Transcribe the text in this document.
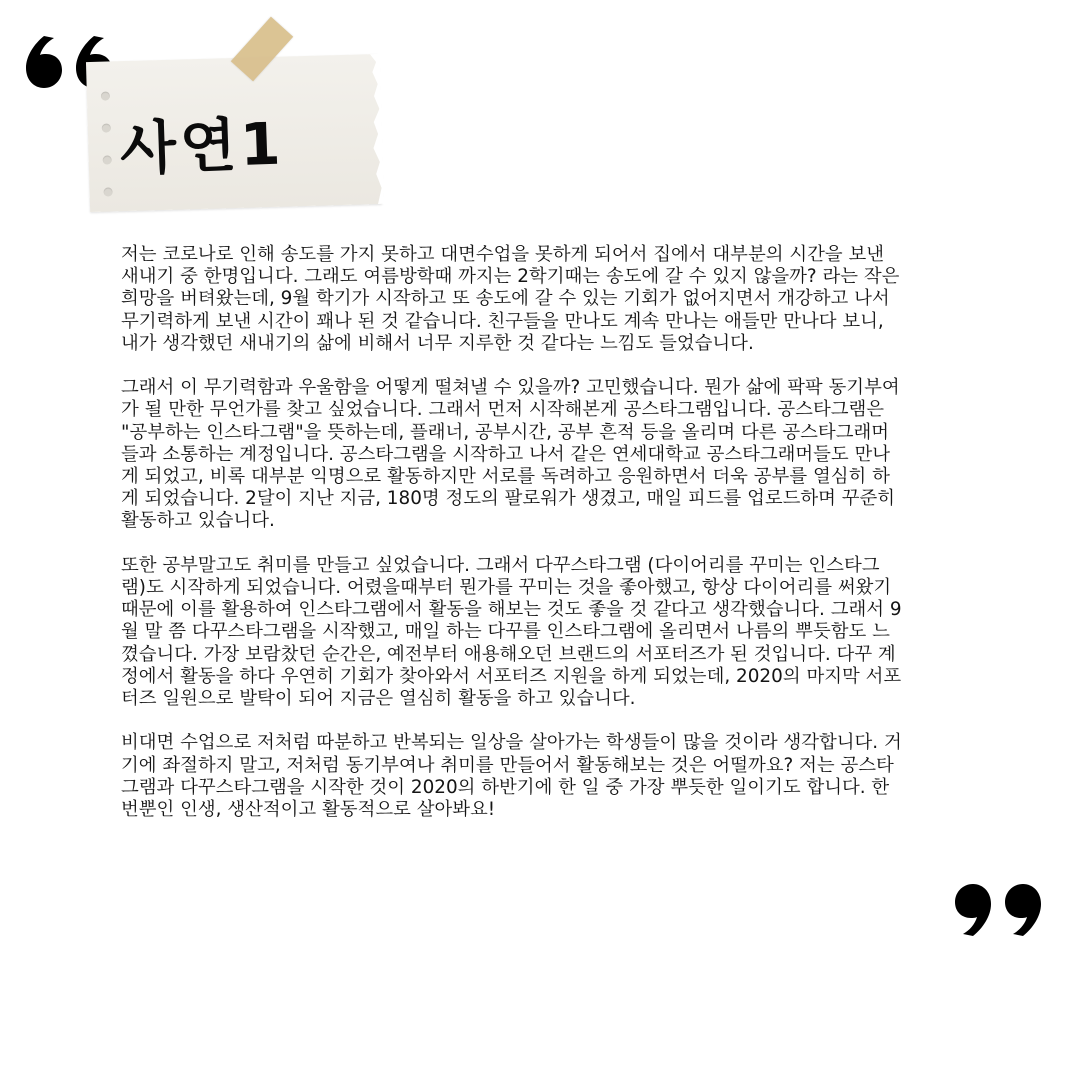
사연1
저는 코로나로 인해 송도를 가지 못하고 대면수업을 못하게 되어서 집에서 대부분의 시간을 보낸
새내기 중 한명입니다. 그래도 여름방학때 까지는 2학기때는 송도에 갈 수 있지 않을까? 라는 작은
희망을 버텨왔는데, 9월 학기가 시작하고 또 송도에 갈 수 있는 기회가 없어지면서 개강하고 나서
무기력하게 보낸 시간이 꽤나 된 것 같습니다. 친구들을 만나도 계속 만나는 애들만 만나다 보니,
내가 생각했던 새내기의 삶에 비해서 너무 지루한 것 같다는 느낌도 들었습니다.
그래서 이 무기력함과 우울함을 어떻게 떨쳐낼 수 있을까? 고민했습니다. 뭔가 삶에 팍팍 동기부여
가 될 만한 무언가를 찾고 싶었습니다. 그래서 먼저 시작해본게 공스타그램입니다. 공스타그램은
"공부하는 인스타그램"을 뜻하는데, 플래너, 공부시간, 공부 흔적 등을 올리며 다른 공스타그래머
들과 소통하는 계정입니다. 공스타그램을 시작하고 나서 같은 연세대학교 공스타그래머들도 만나
게 되었고, 비록 대부분 익명으로 활동하지만 서로를 독려하고 응원하면서 더욱 공부를 열심히 하
게 되었습니다. 2달이 지난 지금, 180명 정도의 팔로워가 생겼고, 매일 피드를 업로드하며 꾸준히
활동하고 있습니다.
또한 공부말고도 취미를 만들고 싶었습니다. 그래서 다꾸스타그램 (다이어리를 꾸미는 인스타그
램)도 시작하게 되었습니다. 어렸을때부터 뭔가를 꾸미는 것을 좋아했고, 항상 다이어리를 써왔기
때문에 이를 활용하여 인스타그램에서 활동을 해보는 것도 좋을 것 같다고 생각했습니다. 그래서 9
월 말 쯤 다꾸스타그램을 시작했고, 매일 하는 다꾸를 인스타그램에 올리면서 나름의 뿌듯함도 느
꼈습니다. 가장 보람찼던 순간은, 예전부터 애용해오던 브랜드의 서포터즈가 된 것입니다. 다꾸 계
정에서 활동을 하다 우연히 기회가 찾아와서 서포터즈 지원을 하게 되었는데, 2020의 마지막 서포
터즈 일원으로 발탁이 되어 지금은 열심히 활동을 하고 있습니다.
비대면 수업으로 저처럼 따분하고 반복되는 일상을 살아가는 학생들이 많을 것이라 생각합니다. 거
기에 좌절하지 말고, 저처럼 동기부여나 취미를 만들어서 활동해보는 것은 어떨까요? 저는 공스타
그램과 다꾸스타그램을 시작한 것이 2020의 하반기에 한 일 중 가장 뿌듯한 일이기도 합니다. 한
번뿐인 인생, 생산적이고 활동적으로 살아봐요!
